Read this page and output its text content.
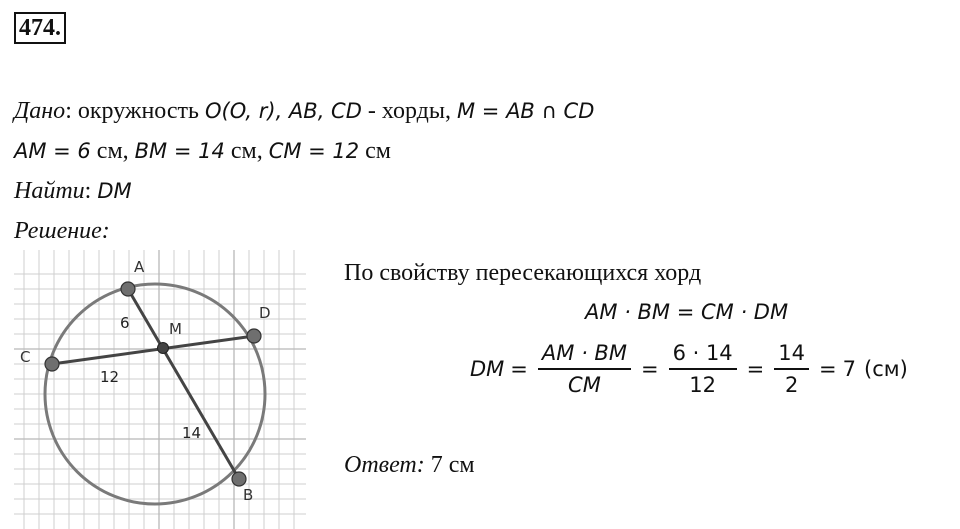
474.
Дано: окружность O(O, r), AB, CD - хорды, M = AB ∩ CD
AM = 6 см, BM = 14 см, CM = 12 см
Найти: DM
Решение:
A
B
C
D
M
6
12
14
По свойству пересекающихся хорд
AM · BM = CM · DM
DM = $\frac{AM \cdot BM}{CM} = \frac{6 \cdot 14}{12} = \frac{14}{2} = 7$ (см)
Ответ: 7 см
